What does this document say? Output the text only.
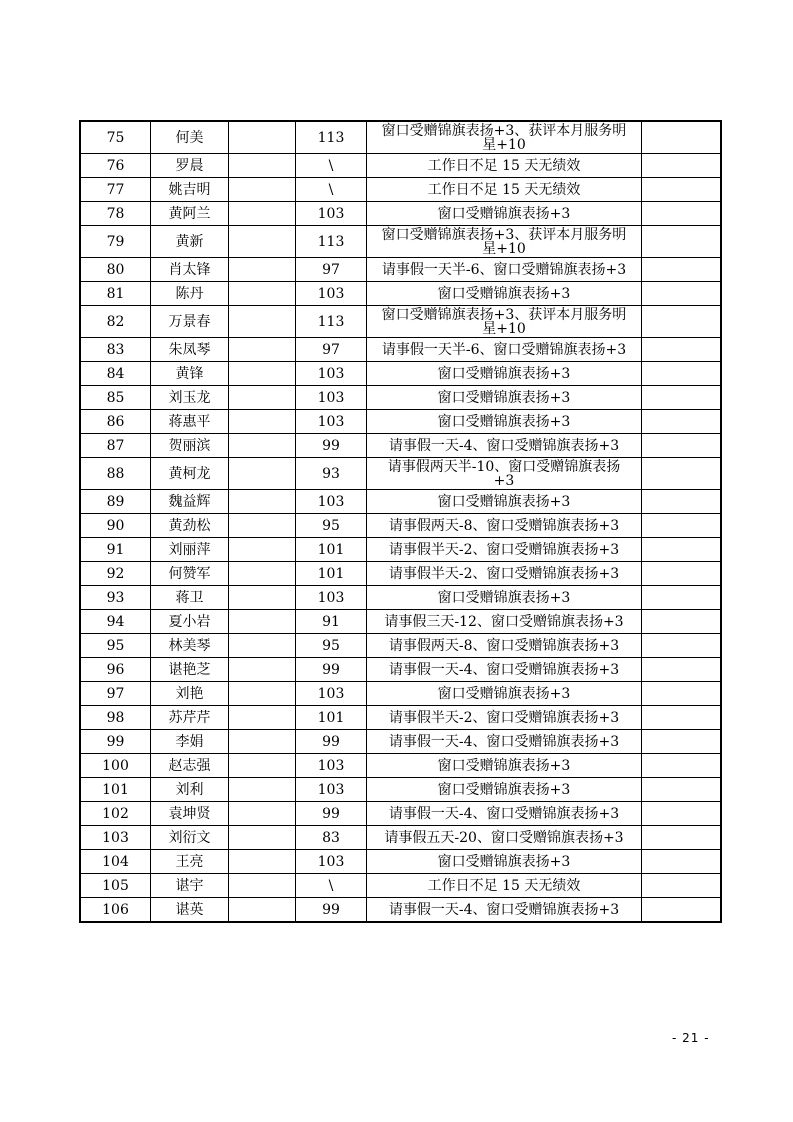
75	何美		113	窗口受赠锦旗表扬+3、获评本月服务明
星+10	

76	罗晨		\	工作日不足 15 天无绩效	

77	姚吉明		\	工作日不足 15 天无绩效	

78	黄阿兰		103	窗口受赠锦旗表扬+3	

79	黄新		113	窗口受赠锦旗表扬+3、获评本月服务明
星+10	

80	肖太锋		97	请事假一天半-6、窗口受赠锦旗表扬+3	

81	陈丹		103	窗口受赠锦旗表扬+3	

82	万景春		113	窗口受赠锦旗表扬+3、获评本月服务明
星+10	

83	朱凤琴		97	请事假一天半-6、窗口受赠锦旗表扬+3	

84	黄锋		103	窗口受赠锦旗表扬+3	

85	刘玉龙		103	窗口受赠锦旗表扬+3	

86	蒋惠平		103	窗口受赠锦旗表扬+3	

87	贺丽滨		99	请事假一天-4、窗口受赠锦旗表扬+3	

88	黄柯龙		93	请事假两天半-10、窗口受赠锦旗表扬
+3	

89	魏益辉		103	窗口受赠锦旗表扬+3	

90	黄劲松		95	请事假两天-8、窗口受赠锦旗表扬+3	

91	刘丽萍		101	请事假半天-2、窗口受赠锦旗表扬+3	

92	何赞军		101	请事假半天-2、窗口受赠锦旗表扬+3	

93	蒋卫		103	窗口受赠锦旗表扬+3	

94	夏小岩		91	请事假三天-12、窗口受赠锦旗表扬+3	

95	林美琴		95	请事假两天-8、窗口受赠锦旗表扬+3	

96	谌艳芝		99	请事假一天-4、窗口受赠锦旗表扬+3	

97	刘艳		103	窗口受赠锦旗表扬+3	

98	苏芹芹		101	请事假半天-2、窗口受赠锦旗表扬+3	

99	李娟		99	请事假一天-4、窗口受赠锦旗表扬+3	

100	赵志强		103	窗口受赠锦旗表扬+3	

101	刘利		103	窗口受赠锦旗表扬+3	

102	袁坤贤		99	请事假一天-4、窗口受赠锦旗表扬+3	

103	刘衍文		83	请事假五天-20、窗口受赠锦旗表扬+3	

104	王亮		103	窗口受赠锦旗表扬+3	

105	谌宇		\	工作日不足 15 天无绩效	

106	谌英		99	请事假一天-4、窗口受赠锦旗表扬+3	

- 21 -
